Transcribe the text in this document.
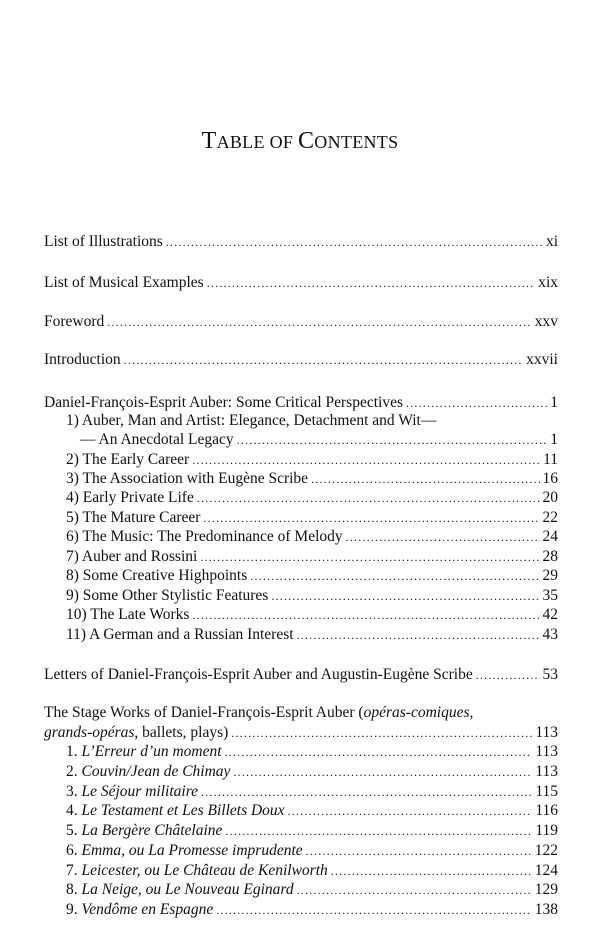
TABLE OF CONTENTS
List of Illustrations .....	xi
List of Musical Examples .....	xix
Foreword .....	xxv
Introduction .....	xxvii
Daniel-François-Esprit Auber: Some Critical Perspectives .....	1
1) Auber, Man and Artist: Elegance, Detachment and Wit—
— An Anecdotal Legacy .....	1
2) The Early Career .....	11
3) The Association with Eugène Scribe .....	16
4) Early Private Life .....	20
5) The Mature Career .....	22
6) The Music: The Predominance of Melody .....	24
7) Auber and Rossini .....	28
8) Some Creative Highpoints .....	29
9) Some Other Stylistic Features .....	35
10) The Late Works .....	42
11) A German and a Russian Interest .....	43
Letters of Daniel-François-Esprit Auber and Augustin-Eugène Scribe .....	53
The Stage Works of Daniel-François-Esprit Auber (opéras-comiques,
grands-opéras, ballets, plays) .....	113
1. L’Erreur d’un moment .....	113
2. Couvin/Jean de Chimay .....	113
3. Le Séjour militaire .....	115
4. Le Testament et Les Billets Doux .....	116
5. La Bergère Châtelaine .....	119
6. Emma, ou La Promesse imprudente .....	122
7. Leicester, ou Le Château de Kenilworth .....	124
8. La Neige, ou Le Nouveau Eginard .....	129
9. Vendôme en Espagne .....	138
